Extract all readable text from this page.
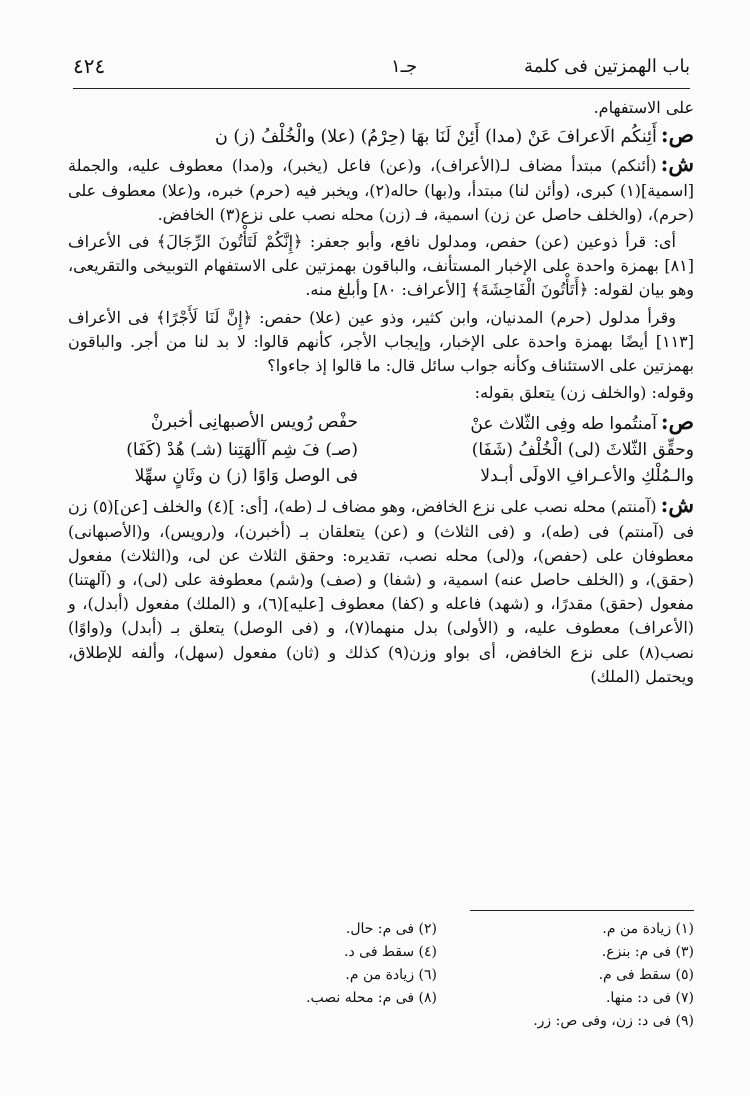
٤٢٤	جـ١	باب الهمزتين فى كلمة

على الاستفهام.

ص:أَئِنكُم الَاعرافَ عَنْ (مدا) أَئِنْ لَنَا بهَا (حِرْمُ) (علا) والْخُلْفُ (ز) ن

ش:(أئنكم) مبتدأ مضاف لـ(الأعراف)، و(عن) فاعل (يخبر)، و(مدا) معطوف عليه، والجملة [اسمية](١) كبرى، (وأئن لنا) مبتدأ، و(بها) حاله(٢)، ويخبر فيه (حرم) خبره، و(علا) معطوف على (حرم)، (والخلف حاصل عن زن) اسمية، فـ (زن) محله نصب على نزع(٣) الخافض.

أى: قرأ ذوعين (عن) حفص، ومدلول نافع، وأبو جعفر: ﴿إِنَّكُمْ لَتَأْتُونَ الرِّجَالَ﴾ فى الأعراف [٨١] بهمزة واحدة على الإخبار المستأنف، والباقون بهمزتين على الاستفهام التوبيخى والتقريعى، وهو بيان لقوله: ﴿أَتَأْتُونَ الْفَاحِشَةَ﴾ [الأعراف: ٨٠] وأبلغ منه.

وقرأ مدلول (حرم) المدنيان، وابن كثير، وذو عين (علا) حفص: ﴿إِنَّ لَنَا لَأَجْرًا﴾ فى الأعراف [١١٣] أيضًا بهمزة واحدة على الإخبار، وإيجاب الأجر، كأنهم قالوا: لا بد لنا من أجر. والباقون بهمزتين على الاستئناف وكأنه جواب سائل قال: ما قالوا إذ جاءوا؟

وقوله: (والخلف زن) يتعلق بقوله:

ص:آمنتُموا طه وفِى الثّلاث عنْ
حفْص رُويس الأصبهانِى أخبرنْ
وحقِّق الثّلاثَ (لى) الْخُلْفُ (شَفَا)
(صـ) فَ شِم آألهَتِنا (شـ) هُدْ (كَفَا)
والـمُلْكِ والأعـرافِ الاولَى أبـدلا
فى الوصل وَاوًا (ز) ن وثَانٍ سهِّلا

ش:(آمنتم) محله نصب على نزع الخافض، وهو مضاف لـ (طه)، [أى: ](٤) والخلف [عن](٥) زن فى (آمنتم) فى (طه)، و (فى الثلاث) و (عن) يتعلقان بـ (أخبرن)، و(رويس)، و(الأصبهانى) معطوفان على (حفص)، و(لى) محله نصب، تقديره: وحقق الثلاث عن لى، و(الثلاث) مفعول (حقق)، و (الخلف حاصل عنه) اسمية، و (شفا) و (صف) و(شم) معطوفة على (لى)، و (آلهتنا) مفعول (حقق) مقدرًا، و (شهد) فاعله و (كفا) معطوف [عليه](٦)، و (الملك) مفعول (أبدل)، و (الأعراف) معطوف عليه، و (الأولى) بدل منهما(٧)، و (فى الوصل) يتعلق بـ (أبدل) و(واوًا) نصب(٨) على نزع الخافض، أى بواو وزن(٩) كذلك و (ثان) مفعول (سهل)، وألفه للإطلاق، ويحتمل (الملك)

(١) زيادة من م.
(٢) فى م: حال.
(٣) فى م: بنزع.
(٤) سقط فى د.
(٥) سقط فى م.
(٦) زيادة من م.
(٧) فى د: منها.
(٨) فى م: محله نصب.
(٩) فى د: زن، وفى ص: زر.
